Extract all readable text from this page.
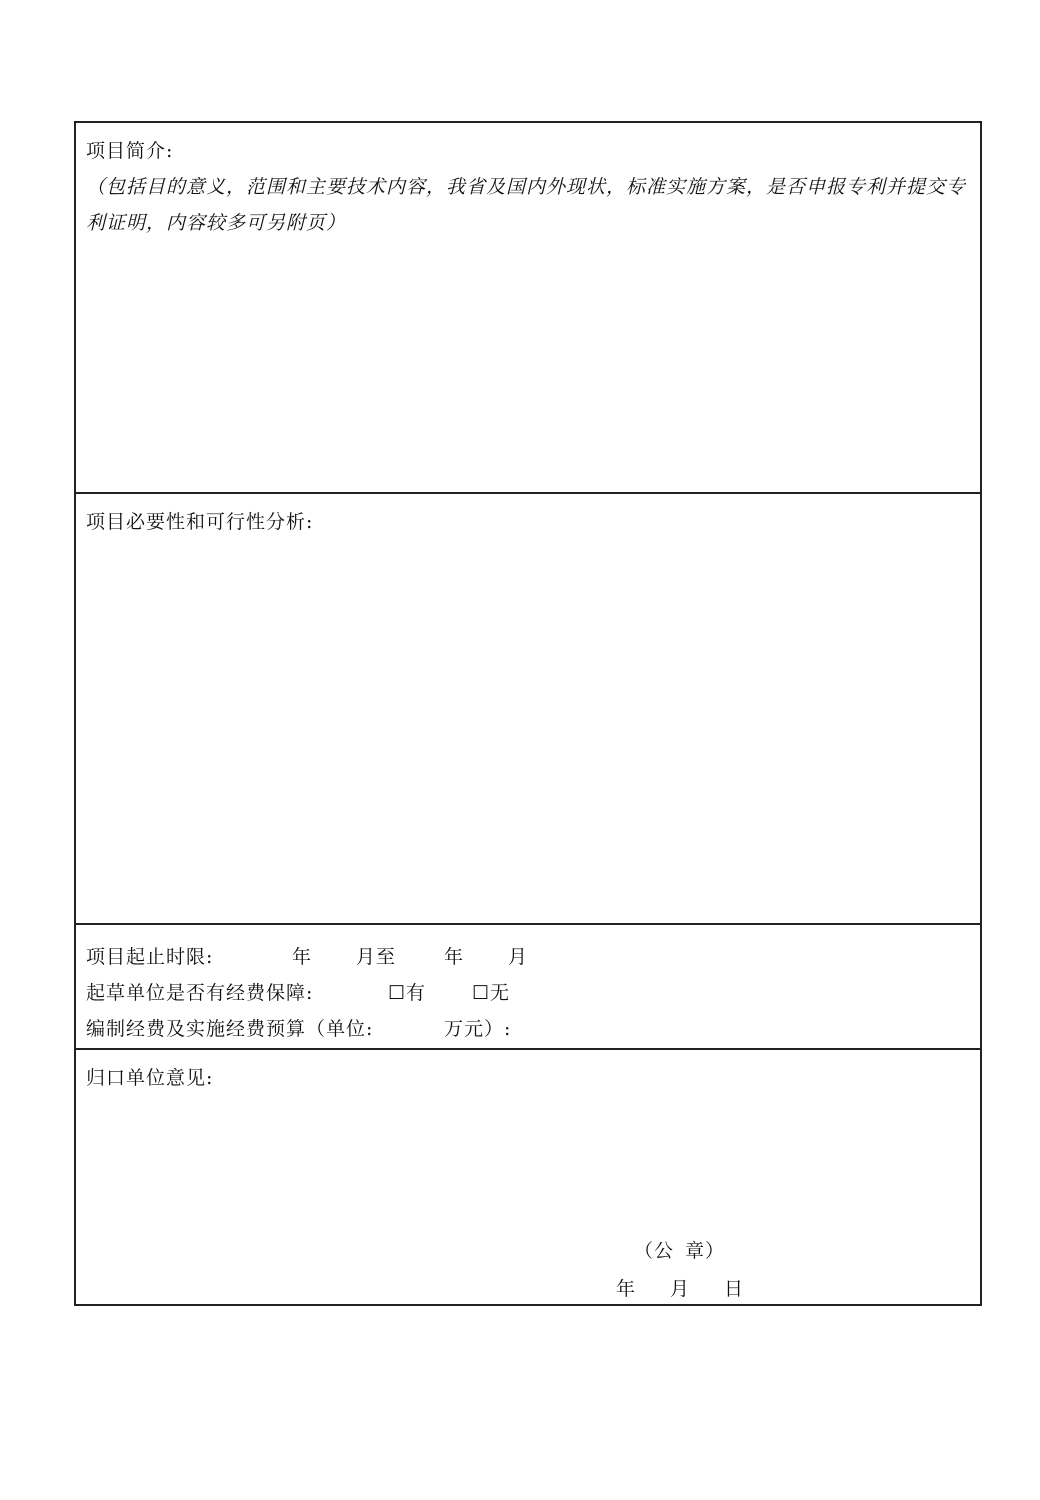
项目简介:
（包括目的意义，范围和主要技术内容，我省及国内外现状，标准实施方案，是否申报专利并提交专利证明，内容较多可另附页）
项目必要性和可行性分析:
项目起止时限:	年 月至	年 月
起草单位是否有经费保障:	☐有 ☐无
编制经费及实施经费预算（单位:	万元）:
归口单位意见:
（公 章）
年 月 日
